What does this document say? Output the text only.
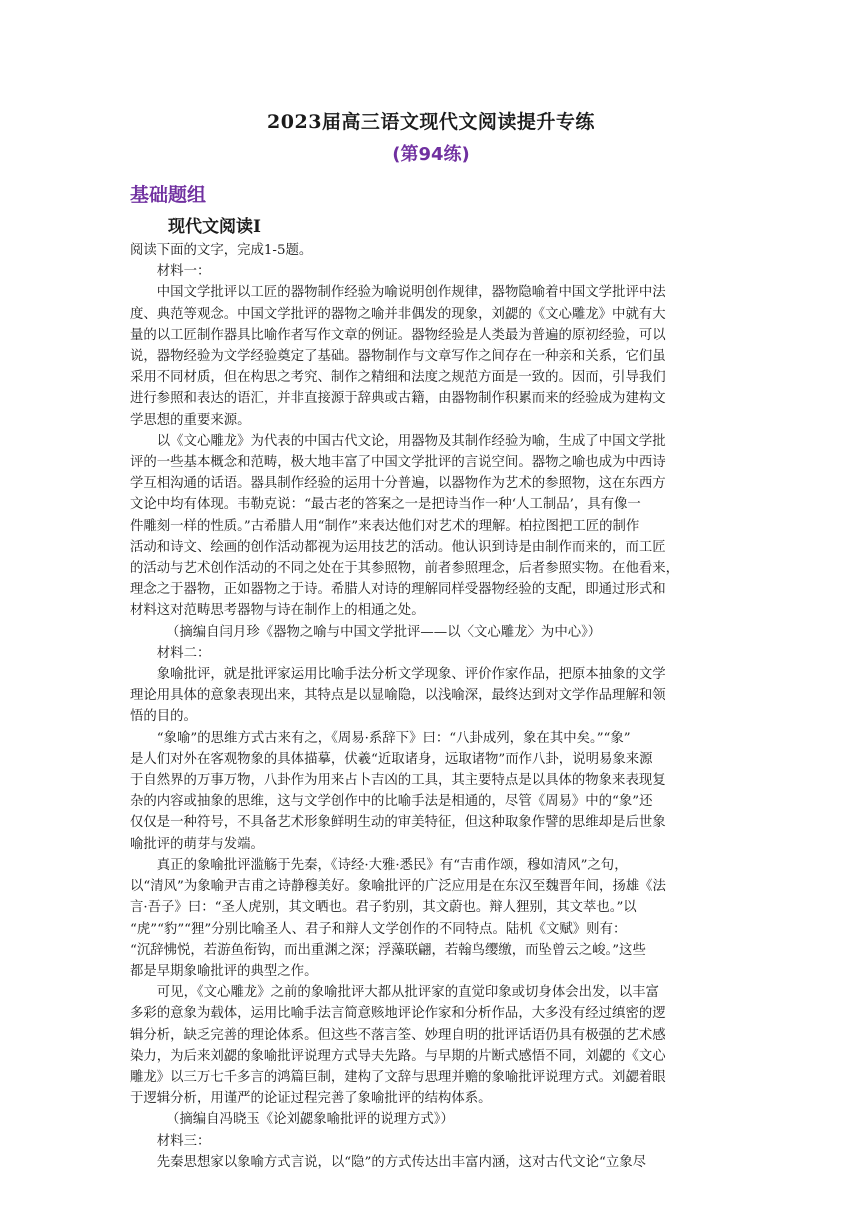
2023届高三语文现代文阅读提升专练
(第94练)
基础题组
现代文阅读Ⅰ

阅读下面的文字，完成1-5题。

材料一：

中国文学批评以工匠的器物制作经验为喻说明创作规律，器物隐喻着中国文学批评中法

度、典范等观念。中国文学批评的器物之喻并非偶发的现象，刘勰的《文心雕龙》中就有大

量的以工匠制作器具比喻作者写作文章的例证。器物经验是人类最为普遍的原初经验，可以

说，器物经验为文学经验奠定了基础。器物制作与文章写作之间存在一种亲和关系，它们虽

采用不同材质，但在构思之考究、制作之精细和法度之规范方面是一致的。因而，引导我们

进行参照和表达的语汇，并非直接源于辞典或古籍，由器物制作积累而来的经验成为建构文

学思想的重要来源。

以《文心雕龙》为代表的中国古代文论，用器物及其制作经验为喻，生成了中国文学批

评的一些基本概念和范畴，极大地丰富了中国文学批评的言说空间。器物之喻也成为中西诗

学互相沟通的话语。器具制作经验的运用十分普遍，以器物作为艺术的参照物，这在东西方

文论中均有体现。韦勒克说：“最古老的答案之一是把诗当作一种‘人工制品’，具有像一

件雕刻一样的性质。”古希腊人用“制作”来表达他们对艺术的理解。柏拉图把工匠的制作

活动和诗文、绘画的创作活动都视为运用技艺的活动。他认识到诗是由制作而来的，而工匠

的活动与艺术创作活动的不同之处在于其参照物，前者参照理念，后者参照实物。在他看来，

理念之于器物，正如器物之于诗。希腊人对诗的理解同样受器物经验的支配，即通过形式和

材料这对范畴思考器物与诗在制作上的相通之处。

（摘编自闫月珍《器物之喻与中国文学批评——以〈文心雕龙〉为中心》）

材料二：

象喻批评，就是批评家运用比喻手法分析文学现象、评价作家作品，把原本抽象的文学

理论用具体的意象表现出来，其特点是以显喻隐，以浅喻深，最终达到对文学作品理解和领

悟的目的。

“象喻”的思维方式古来有之，《周易·系辞下》曰：“八卦成列，象在其中矣。”“象”

是人们对外在客观物象的具体描摹，伏羲“近取诸身，远取诸物”而作八卦，说明易象来源

于自然界的万事万物，八卦作为用来占卜吉凶的工具，其主要特点是以具体的物象来表现复

杂的内容或抽象的思维，这与文学创作中的比喻手法是相通的，尽管《周易》中的“象”还

仅仅是一种符号，不具备艺术形象鲜明生动的审美特征，但这种取象作譬的思维却是后世象

喻批评的萌芽与发端。

真正的象喻批评滥觞于先秦，《诗经·大雅·悉民》有“吉甫作颂，穆如清风”之句，

以“清风”为象喻尹吉甫之诗静穆美好。象喻批评的广泛应用是在东汉至魏晋年间，扬雄《法

言·吾子》曰：“圣人虎别，其文晒也。君子豹别，其文蔚也。辩人狸别，其文萃也。”以

“虎”“豹”“狸”分别比喻圣人、君子和辩人文学创作的不同特点。陆机《文赋》则有：

“沉辞怫悦，若游鱼衔钩，而出重渊之深；浮藻联翩，若翰鸟缨缴，而坠曾云之峻。”这些

都是早期象喻批评的典型之作。

可见，《文心雕龙》之前的象喻批评大都从批评家的直觉印象或切身体会出发，以丰富

多彩的意象为载体，运用比喻手法言简意赅地评论作家和分析作品，大多没有经过缜密的逻

辑分析，缺乏完善的理论体系。但这些不落言筌、妙理自明的批评话语仍具有极强的艺术感

染力，为后来刘勰的象喻批评说理方式导夫先路。与早期的片断式感悟不同，刘勰的《文心

雕龙》以三万七千多言的鸿篇巨制，建构了文辞与思理并赡的象喻批评说理方式。刘勰着眼

于逻辑分析，用谨严的论证过程完善了象喻批评的结构体系。

（摘编自冯晓玉《论刘勰象喻批评的说理方式》）

材料三：

先秦思想家以象喻方式言说，以“隐”的方式传达出丰富内涵，这对古代文论“立象尽
